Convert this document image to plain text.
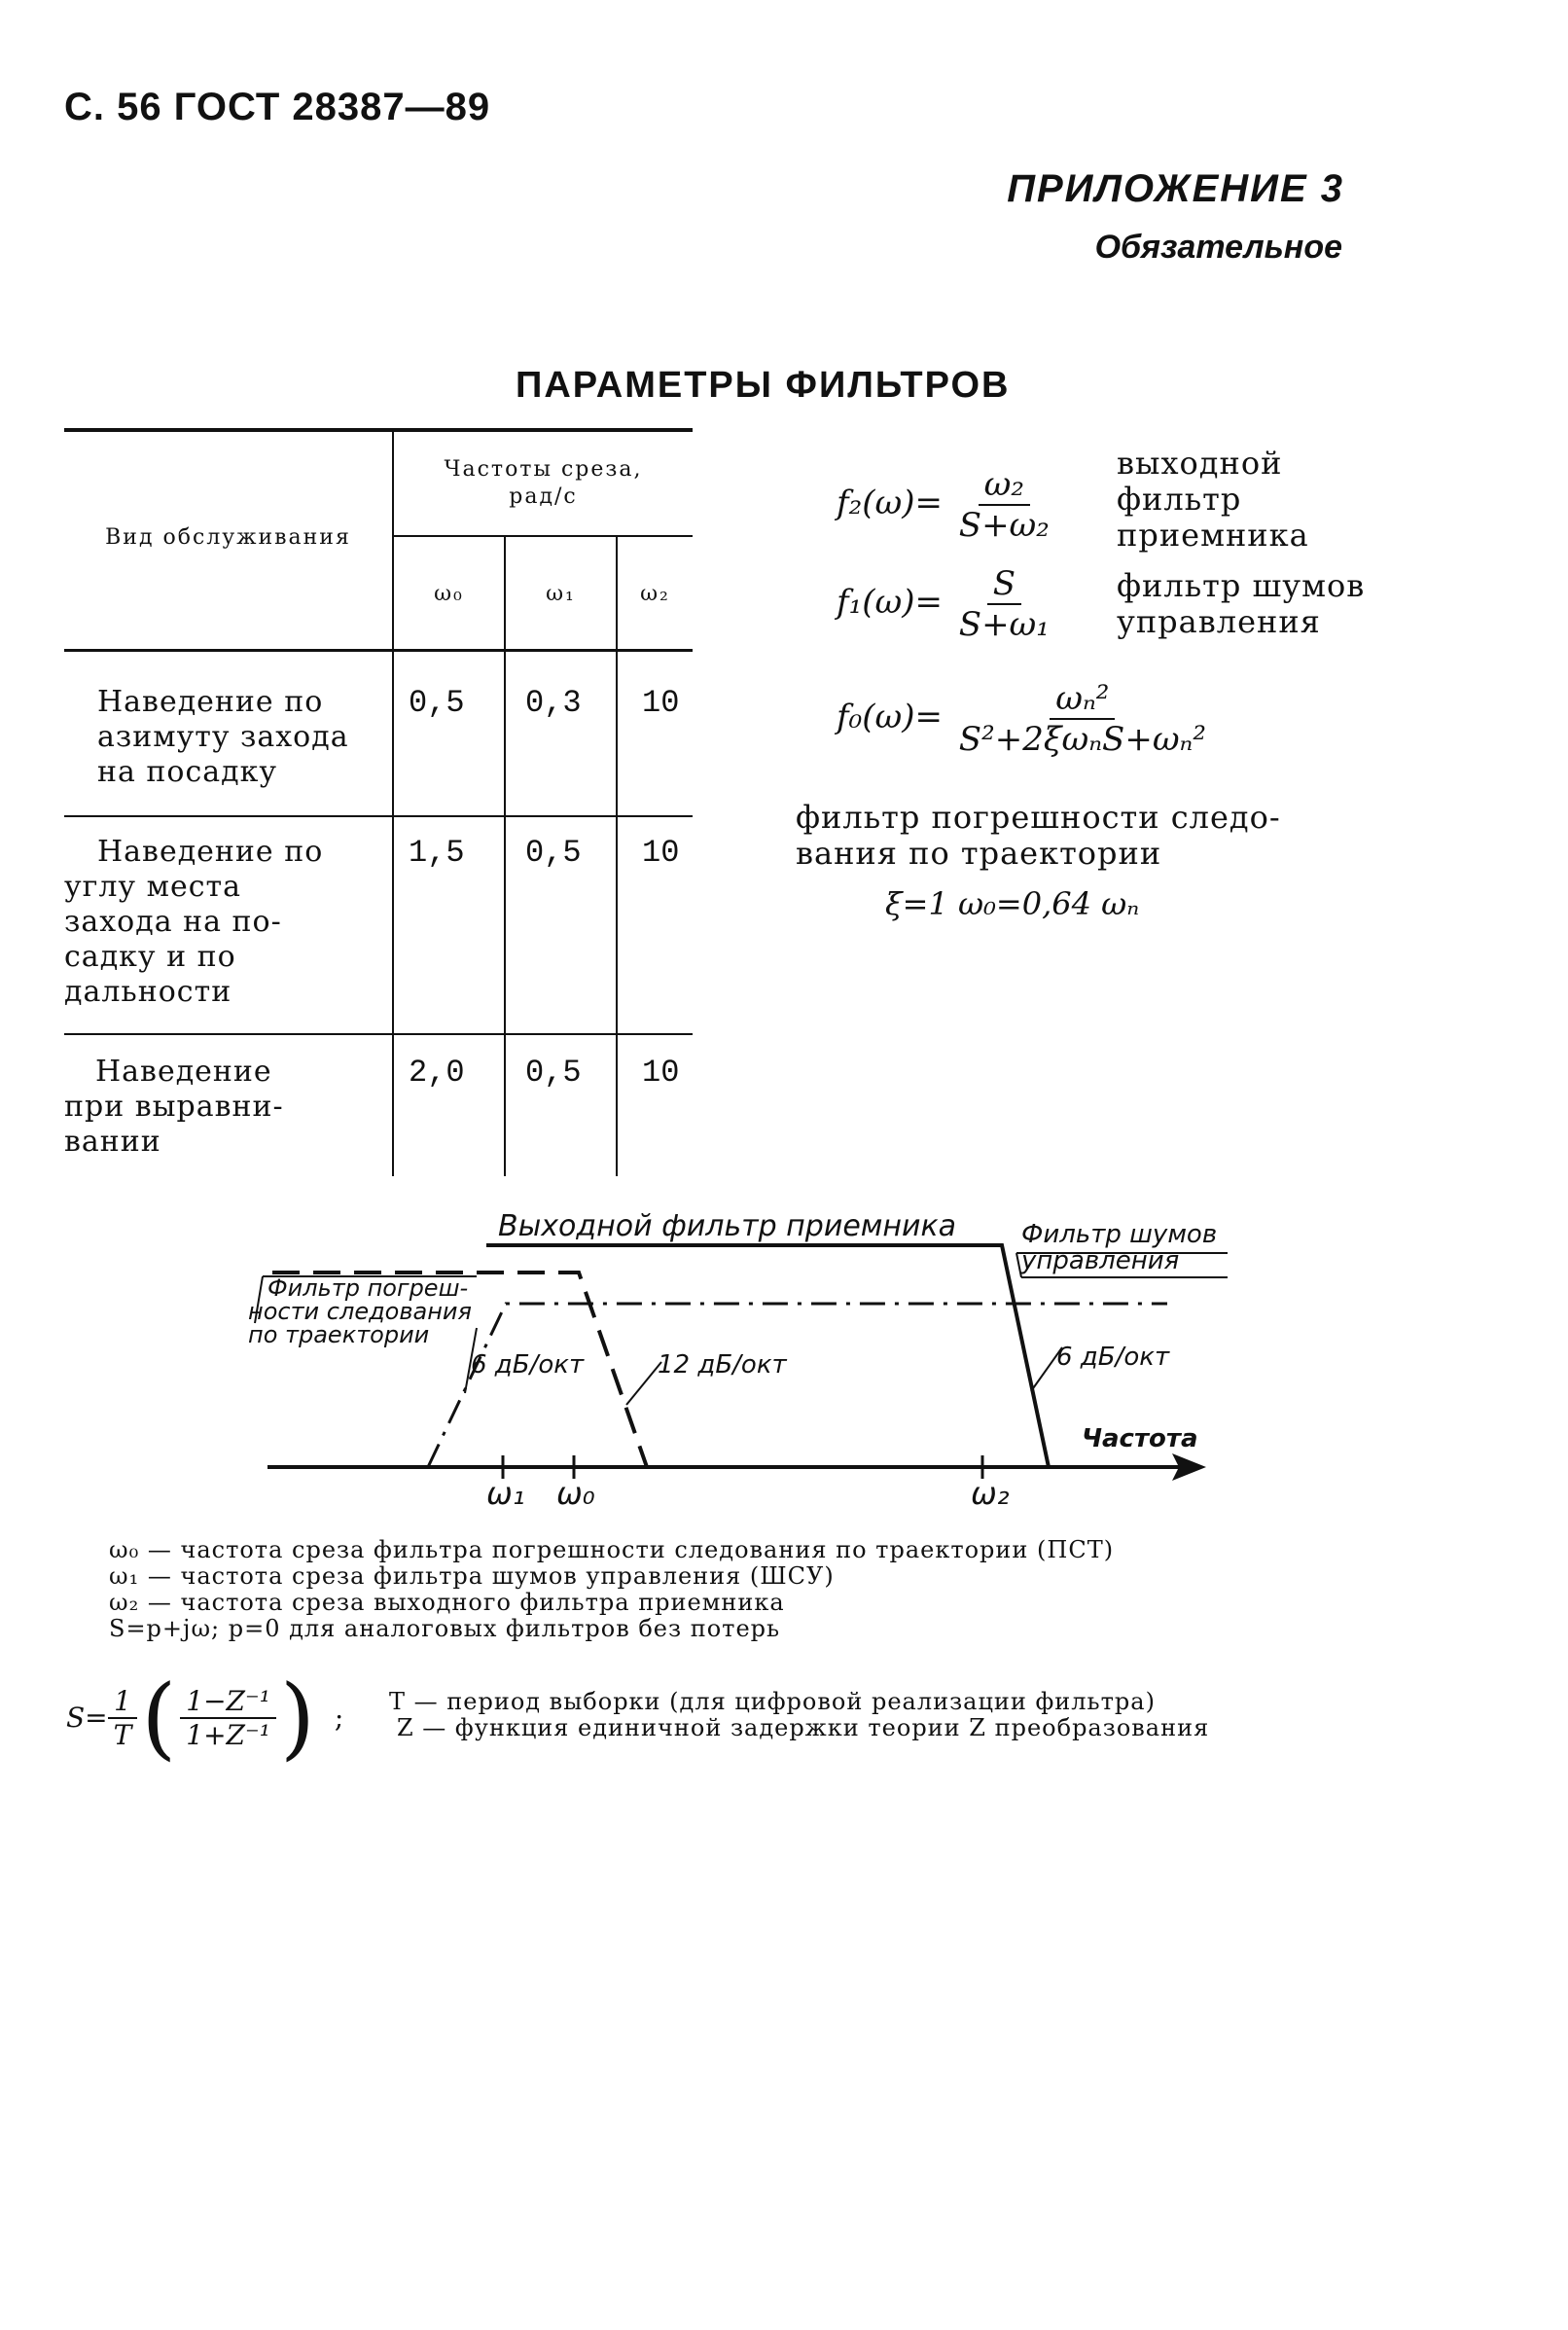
С. 56 ГОСТ 28387—89
ПРИЛОЖЕНИЕ 3
Обязательное
ПАРАМЕТРЫ ФИЛЬТРОВ
Вид обслуживания
Частоты среза,
рад/с
ω₀	ω₁	ω₂
Наведение по
азимуту захода
на посадку
0,5 0,3 10
Наведение по
углу места
захода на по-
садку и по
дальности
1,5 0,5 10
Наведение
при выравни-
вании
2,0 0,5 10
$f_2(\omega)= \frac{\text{ω₂}}{\text{S+ω₂}}$
выходной
фильтр
приемника
$f_1(\omega)= \frac{S}{\text{S+ω₁}}$ фильтр шумов
управления
$f_0(\omega)= \frac{\text{ωₙ²}}{\text{S²+2ξωₙS+ωₙ²}}$
фильтр погрешности следо-
вания по траектории
ξ=1 ω₀=0,64 ωₙ
Выходной фильтр приемника	Фильтр шумов
управления
Фильтр погреш-
ности следования
по траектории
6 дБ/окт	12 дБ/окт	6 дБ/окт
Частота
ω₁ ω₀	ω₂
ω₀ — частота среза фильтра погрешности следования по траектории (ПСТ)
ω₁ — частота среза фильтра шумов управления (ШСУ)
ω₂ — частота среза выходного фильтра приемника
S=p+jω; p=0 для аналоговых фильтров без потерь
$S= \frac{1}{T}$ ( $\frac{\text{1−Z⁻¹}}{\text{1+Z⁻¹}}$ ) ; T — период выборки (для цифровой реализации фильтра)
Z — функция единичной задержки теории Z преобразования
